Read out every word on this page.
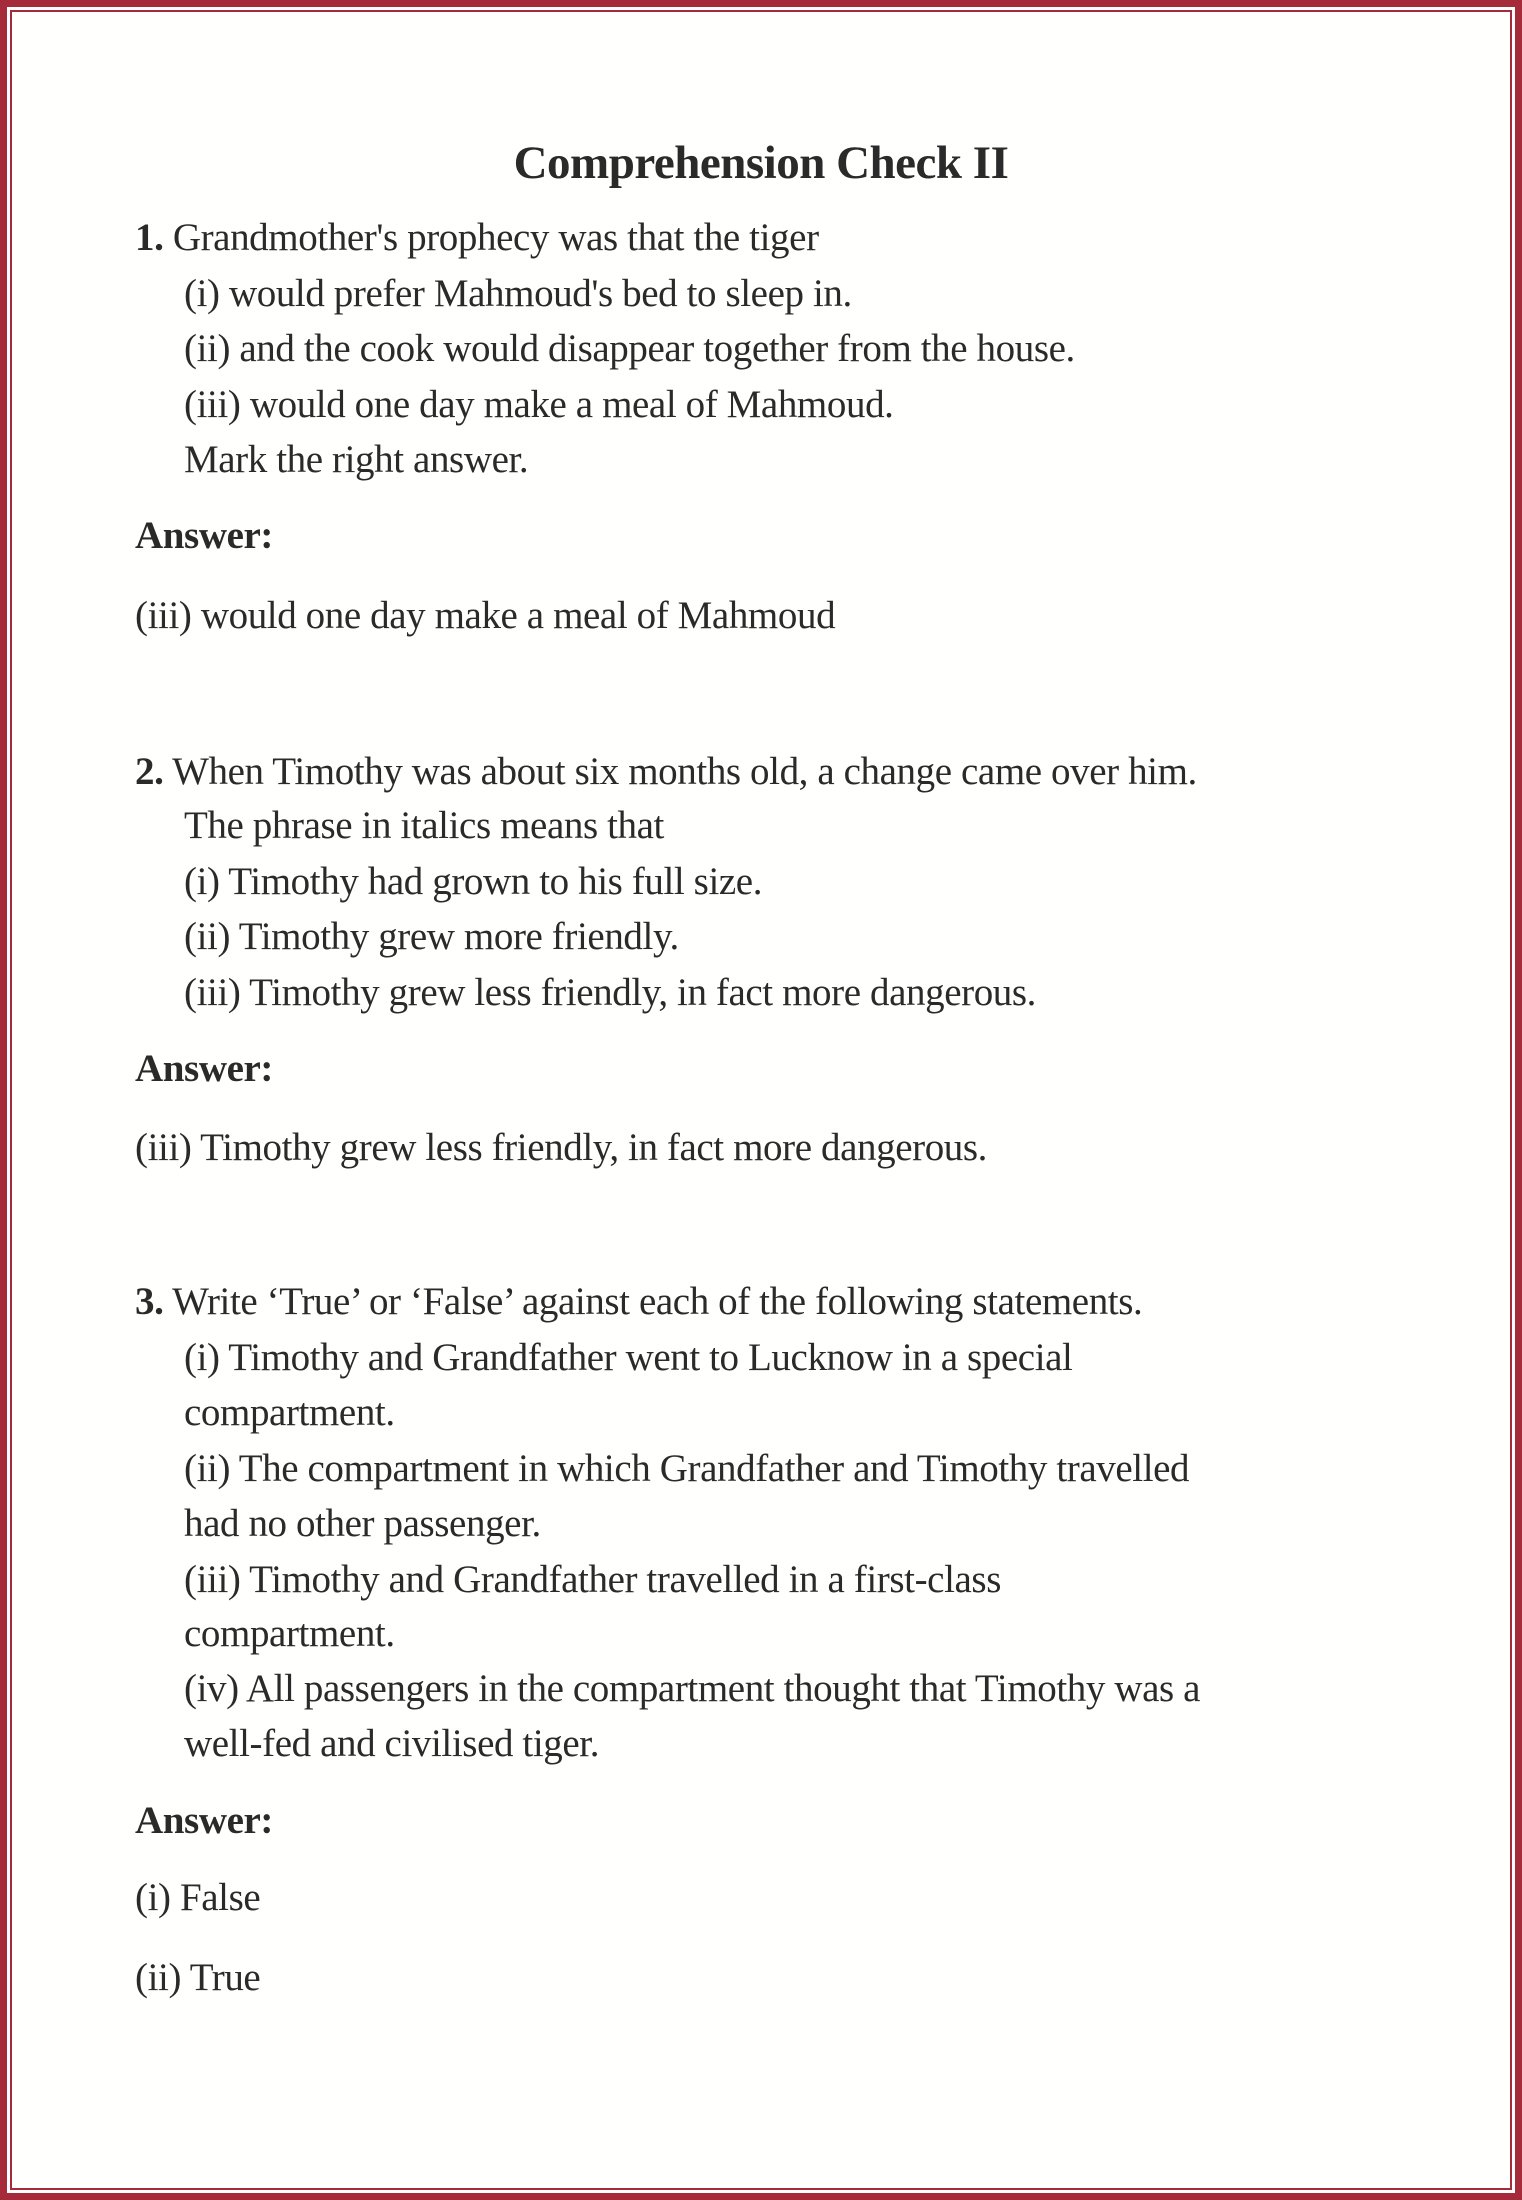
Comprehension Check II
1. Grandmother's prophecy was that the tiger
(i) would prefer Mahmoud's bed to sleep in.
(ii) and the cook would disappear together from the house.
(iii) would one day make a meal of Mahmoud.
Mark the right answer.
Answer:
(iii) would one day make a meal of Mahmoud
2. When Timothy was about six months old, a change came over him.
The phrase in italics means that
(i) Timothy had grown to his full size.
(ii) Timothy grew more friendly.
(iii) Timothy grew less friendly, in fact more dangerous.
Answer:
(iii) Timothy grew less friendly, in fact more dangerous.
3. Write ‘True’ or ‘False’ against each of the following statements.
(i) Timothy and Grandfather went to Lucknow in a special
compartment.
(ii) The compartment in which Grandfather and Timothy travelled
had no other passenger.
(iii) Timothy and Grandfather travelled in a first-class
compartment.
(iv) All passengers in the compartment thought that Timothy was a
well-fed and civilised tiger.
Answer:
(i) False
(ii) True
